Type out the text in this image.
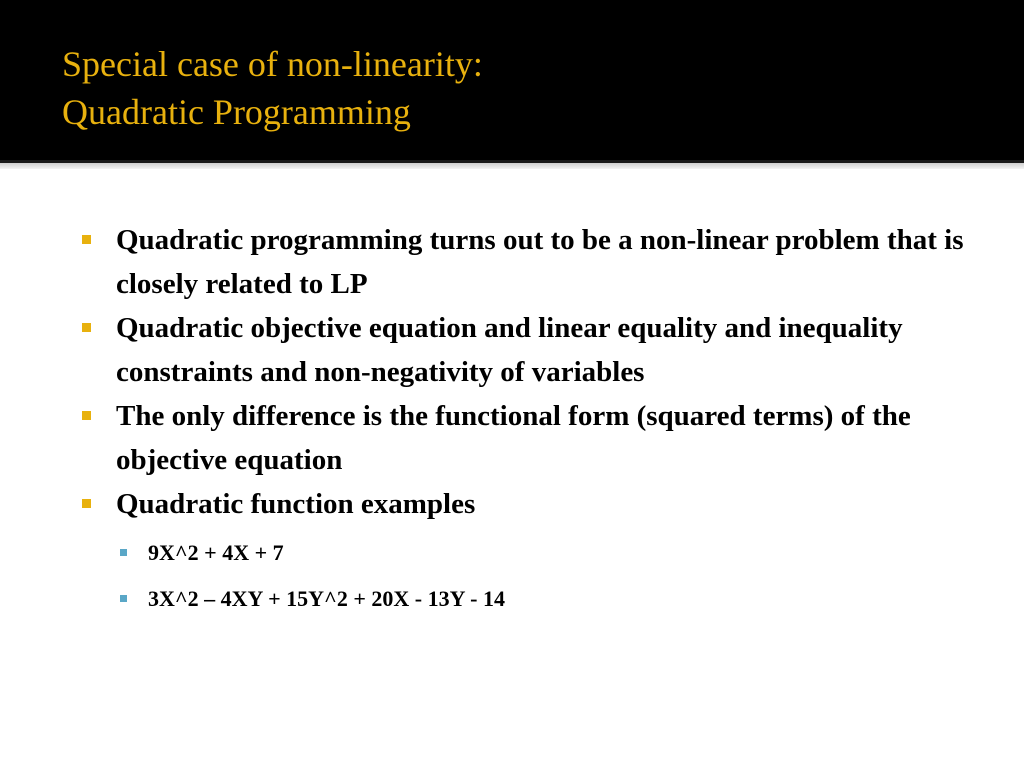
Special case of non-linearity:
Quadratic Programming
Quadratic programming turns out to be a non-linear problem that is closely related to LP
Quadratic objective equation and linear equality and inequality constraints and non-negativity of variables
The only difference is the functional form (squared terms) of the objective equation
Quadratic function examples
9X^2 + 4X + 7
3X^2 – 4XY + 15Y^2 + 20X - 13Y - 14
